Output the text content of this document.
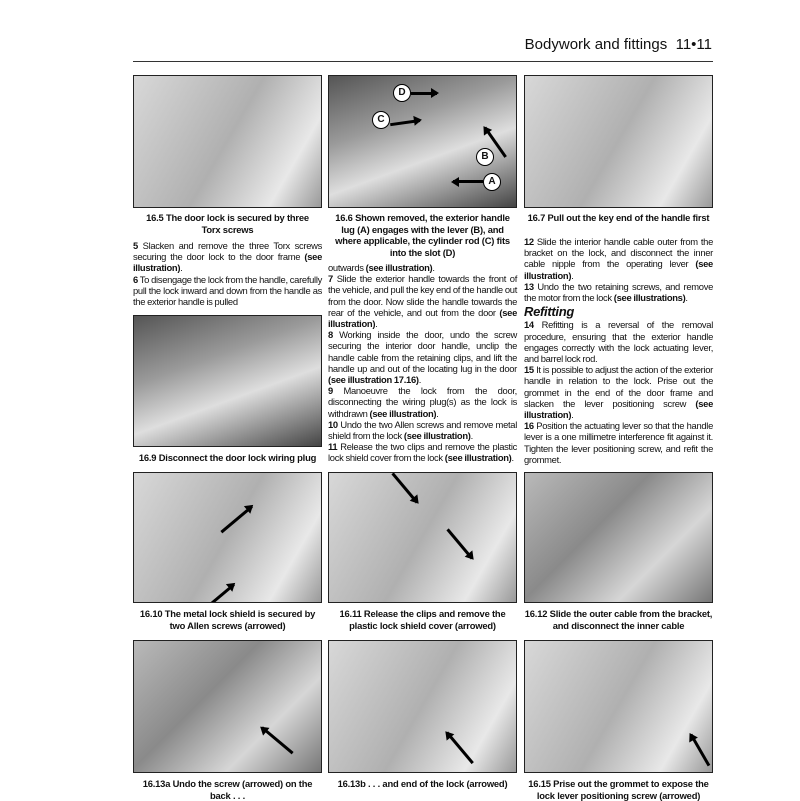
Bodywork and fittings 11•11
16.5 The door lock is secured by three Torx screws
D
C
B
A
16.6 Shown removed, the exterior handle lug (A) engages with the lever (B), and where applicable, the cylinder rod (C) fits into the slot (D)
16.7 Pull out the key end of the handle first

5 Slacken and remove the three Torx screws securing the door lock to the door frame (see illustration).

6 To disengage the lock from the handle, carefully pull the lock inward and down from the handle as the exterior handle is pulled

16.9 Disconnect the door lock wiring plug

outwards (see illustration).

7 Slide the exterior handle towards the front of the vehicle, and pull the key end of the handle out from the door. Now slide the handle towards the rear of the vehicle, and out from the door (see illustration).

8 Working inside the door, undo the screw securing the interior door handle, unclip the handle cable from the retaining clips, and lift the handle up and out of the locating lug in the door (see illustration 17.16).

9 Manoeuvre the lock from the door, disconnecting the wiring plug(s) as the lock is withdrawn (see illustration).

10 Undo the two Allen screws and remove metal shield from the lock (see illustration).

11 Release the two clips and remove the plastic lock shield cover from the lock (see illustration).

12 Slide the interior handle cable outer from the bracket on the lock, and disconnect the inner cable nipple from the operating lever (see illustration).

13 Undo the two retaining screws, and remove the motor from the lock (see illustrations).

Refitting

14 Refitting is a reversal of the removal procedure, ensuring that the exterior handle engages correctly with the lock actuating lever, and barrel lock rod.

15 It is possible to adjust the action of the exterior handle in relation to the lock. Prise out the grommet in the end of the door frame and slacken the lever positioning screw (see illustration).

16 Position the actuating lever so that the handle lever is a one millimetre interference fit against it. Tighten the lever positioning screw, and refit the grommet.

16.10 The metal lock shield is secured by two Allen screws (arrowed)
16.11 Release the clips and remove the plastic lock shield cover (arrowed)
16.12 Slide the outer cable from the bracket, and disconnect the inner cable
16.13a Undo the screw (arrowed) on the back . . .
16.13b . . . and end of the lock (arrowed)	16.15 Prise out the grommet to expose the lock lever positioning screw (arrowed)
